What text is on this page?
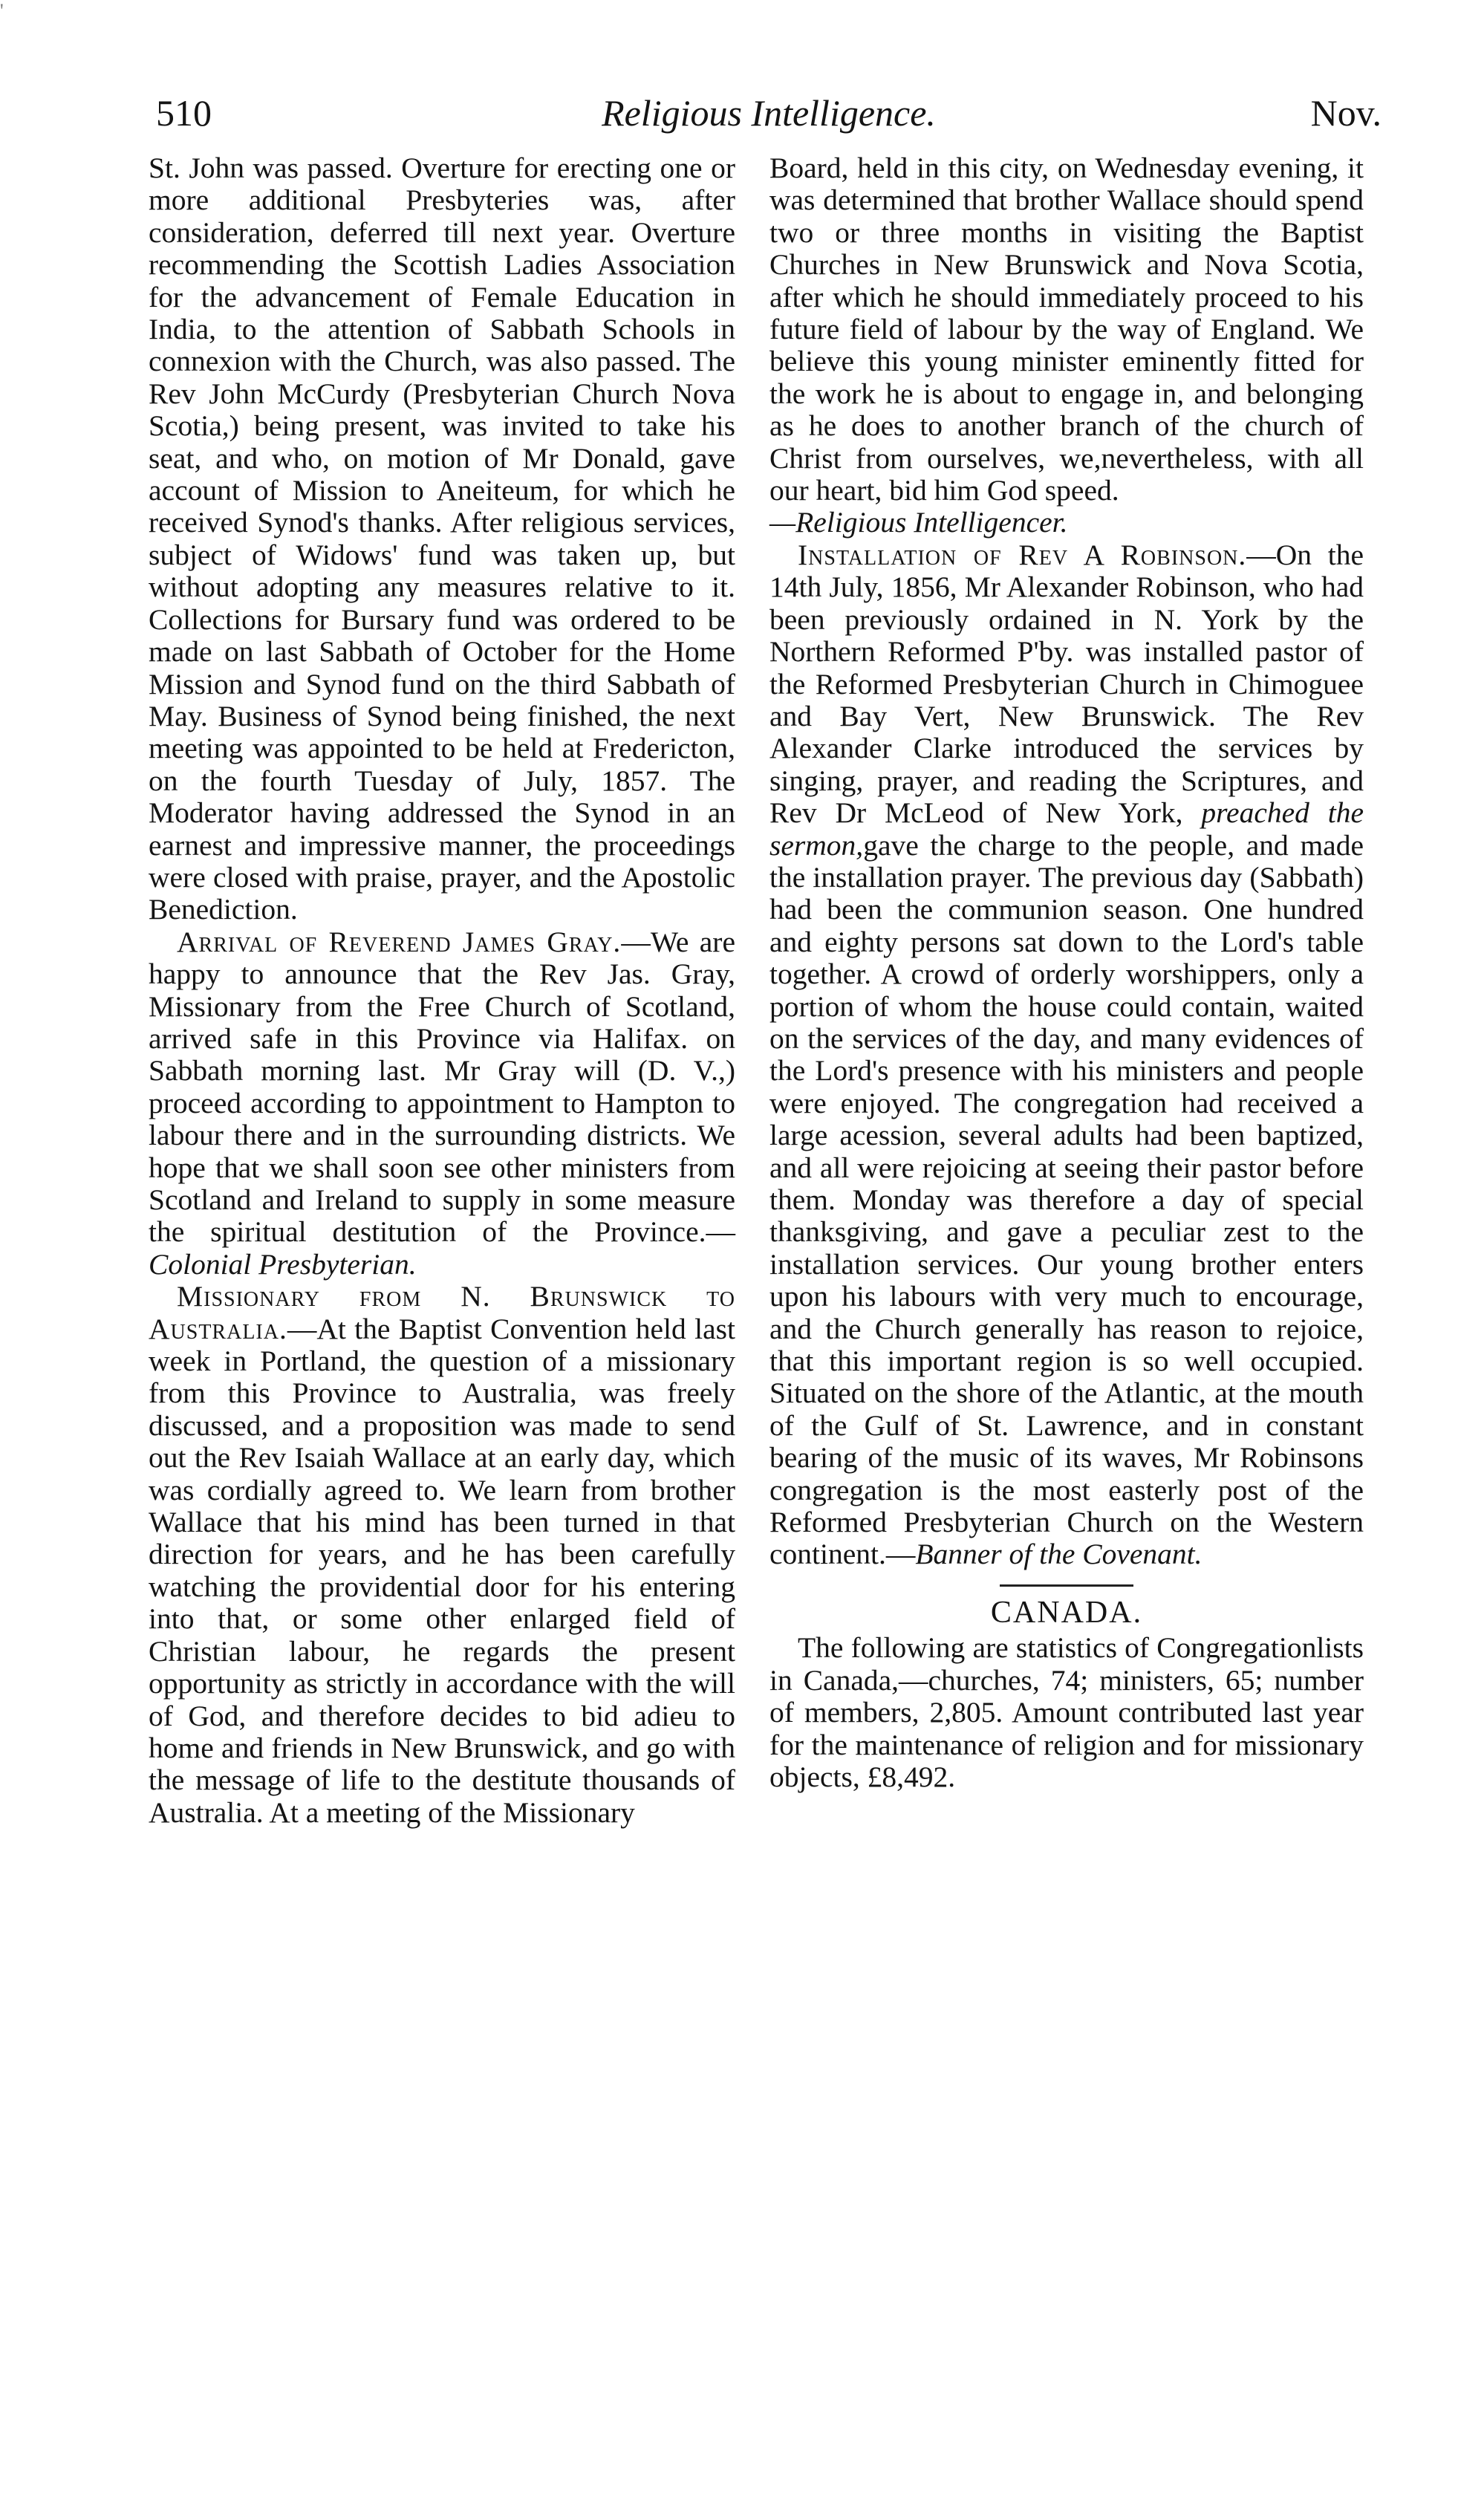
'
510	Religious Intelligence.	Nov.

St. John was passed. Overture for erecting one or more additional Presbyteries was, after consideration, deferred till next year. Overture recommending the Scottish Ladies Association for the advancement of Female Education in India, to the attention of Sabbath Schools in connexion with the Church, was also passed. The Rev John McCurdy (Presbyterian Church Nova Scotia,) being present, was invited to take his seat, and who, on motion of Mr Donald, gave account of Mission to Aneiteum, for which he received Synod's thanks. After religious services, subject of Widows' fund was taken up, but without adopting any measures relative to it. Collections for Bursary fund was ordered to be made on last Sabbath of October for the Home Mission and Synod fund on the third Sabbath of May. Business of Synod being finished, the next meeting was appointed to be held at Fredericton, on the fourth Tuesday of July, 1857. The Moderator having addressed the Synod in an earnest and impressive manner, the proceedings were closed with praise, prayer, and the Apostolic Benediction.

Arrival of Reverend James Gray.—We are happy to announce that the Rev Jas. Gray, Missionary from the Free Church of Scotland, arrived safe in this Province via Halifax. on Sabbath morning last. Mr Gray will (D. V.,) proceed according to appointment to Hampton to labour there and in the surrounding districts. We hope that we shall soon see other ministers from Scotland and Ireland to supply in some measure the spiritual destitution of the Province.—Colonial Presbyterian.

Missionary from N. Brunswick to Australia.—At the Baptist Convention held last week in Portland, the question of a missionary from this Province to Australia, was freely discussed, and a proposition was made to send out the Rev Isaiah Wallace at an early day, which was cordially agreed to. We learn from brother Wallace that his mind has been turned in that direction for years, and he has been carefully watching the providential door for his entering into that, or some other enlarged field of Christian labour, he regards the present opportunity as strictly in accordance with the will of God, and therefore decides to bid adieu to home and friends in New Brunswick, and go with the message of life to the destitute thousands of Australia. At a meeting of the Missionary

Board, held in this city, on Wednesday evening, it was determined that brother Wallace should spend two or three months in visiting the Baptist Churches in New Brunswick and Nova Scotia, after which he should immediately proceed to his future field of labour by the way of England. We believe this young minister eminently fitted for the work he is about to engage in, and belonging as he does to another branch of the church of Christ from ourselves, we,nevertheless, with all our heart, bid him God speed.
—Religious Intelligencer.

Installation of Rev A Robinson.—On the 14th July, 1856, Mr Alexander Robinson, who had been previously ordained in N. York by the Northern Reformed P'by. was installed pastor of the Reformed Presbyterian Church in Chimoguee and Bay Vert, New Brunswick. The Rev Alexander Clarke introduced the services by singing, prayer, and reading the Scriptures, and Rev Dr McLeod of New York, preached the sermon,gave the charge to the people, and made the installation prayer. The previous day (Sabbath) had been the communion season. One hundred and eighty persons sat down to the Lord's table together. A crowd of orderly worshippers, only a portion of whom the house could contain, waited on the services of the day, and many evidences of the Lord's presence with his ministers and people were enjoyed. The congregation had received a large acession, several adults had been baptized, and all were rejoicing at seeing their pastor before them. Monday was therefore a day of special thanksgiving, and gave a peculiar zest to the installation services. Our young brother enters upon his labours with very much to encourage, and the Church generally has reason to rejoice, that this important region is so well occupied. Situated on the shore of the Atlantic, at the mouth of the Gulf of St. Lawrence, and in constant bearing of the music of its waves, Mr Robinsons congregation is the most easterly post of the Reformed Presbyterian Church on the Western continent.—Banner of the Covenant.

CANADA.

The following are statistics of Congregationlists in Canada,—churches, 74; ministers, 65; number of members, 2,805. Amount contributed last year for the maintenance of religion and for missionary objects, £8,492.
